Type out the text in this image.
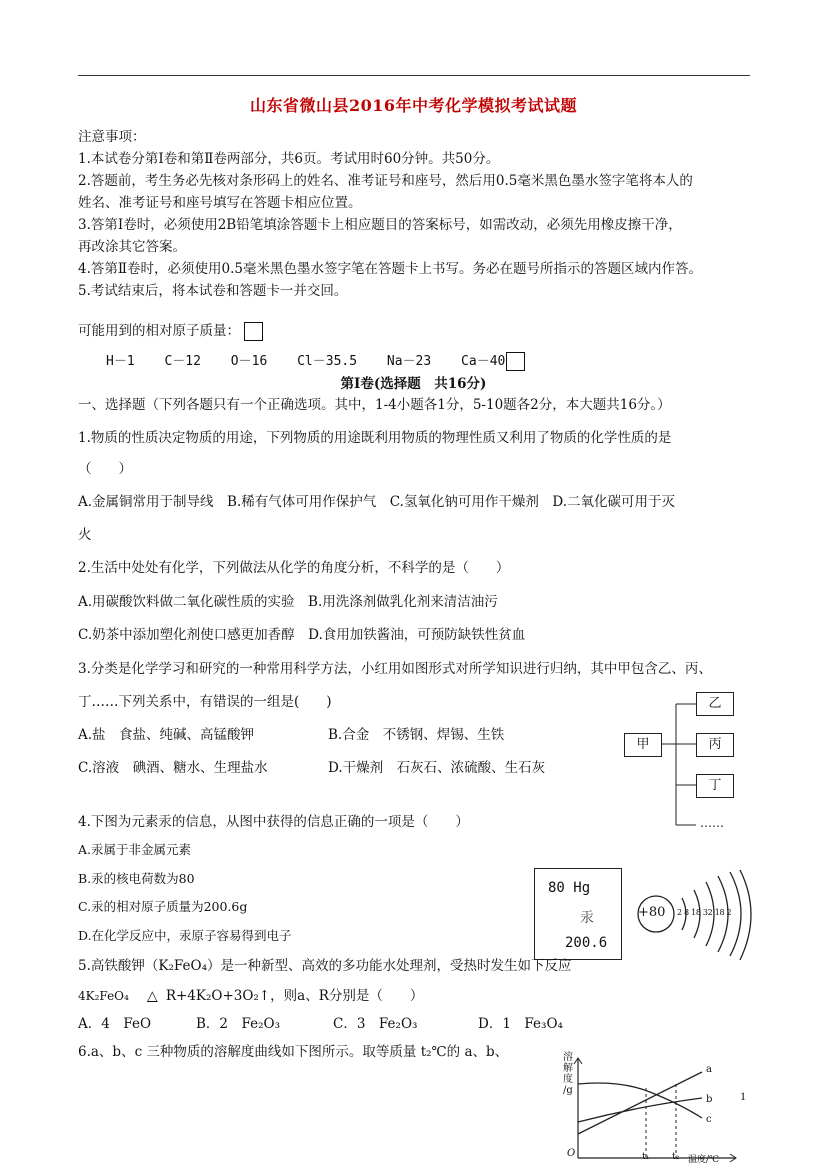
山东省微山县2016年中考化学模拟考试试题
注意事项：
1.本试卷分第Ⅰ卷和第Ⅱ卷两部分，共6页。考试用时60分钟。共50分。
2.答题前，考生务必先核对条形码上的姓名、准考证号和座号，然后用0.5毫米黑色墨水签字笔将本人的
姓名、准考证号和座号填写在答题卡相应位置。
3.答第Ⅰ卷时，必须使用2B铅笔填涂答题卡上相应题目的答案标号，如需改动，必须先用橡皮擦干净，
再改涂其它答案。
4.答第Ⅱ卷时，必须使用0.5毫米黑色墨水签字笔在答题卡上书写。务必在题号所指示的答题区域内作答。
5.考试结束后，将本试卷和答题卡一并交回。
可能用到的相对原子质量：
H－1 C－12 O－16 Cl－35.5 Na－23 Ca－40
第Ⅰ卷(选择题　共16分)
一、选择题（下列各题只有一个正确选项。其中，1-4小题各1分，5-10题各2分，本大题共16分。）
1.物质的性质决定物质的用途，下列物质的用途既利用物质的物理性质又利用了物质的化学性质的是
（　　）
A.金属铜常用于制导线　B.稀有气体可用作保护气　C.氢氧化钠可用作干燥剂　D.二氧化碳可用于灭
火
2.生活中处处有化学，下列做法从化学的角度分析，不科学的是（　　）
A.用碳酸饮料做二氧化碳性质的实验　B.用洗涤剂做乳化剂来清洁油污
C.奶茶中添加塑化剂使口感更加香醇　D.食用加铁酱油，可预防缺铁性贫血
3.分类是化学学习和研究的一种常用科学方法，小红用如图形式对所学知识进行归纳，其中甲包含乙、丙、
丁……下列关系中，有错误的一组是(　　)
A.盐　食盐、纯碱、高锰酸钾	B.合金　不锈钢、焊锡、生铁
C.溶液　碘酒、糖水、生理盐水	D.干燥剂　石灰石、浓硫酸、生石灰
甲
乙
丙
丁
……
4.下图为元素汞的信息，从图中获得的信息正确的一项是（　　）
A.汞属于非金属元素
B.汞的核电荷数为80
C.汞的相对原子质量为200.6g
D.在化学反应中，汞原子容易得到电子
80 Hg
汞
200.6
+80 2 8 18 32 18 2
5.高铁酸钾（K₂FeO₄）是一种新型、高效的多功能水处理剂，受热时发生如下反应
4K₂FeO₄ △ R+4K₂O+3O₂↑，则a、R分别是（　　）
A．4　FeO	B．2　Fe₂O₃	C．3　Fe₂O₃	D．1　Fe₃O₄
6.a、b、c 三种物质的溶解度曲线如下图所示。取等质量 t₂℃的 a、b、	溶
解
度
/g
O	t₁	t₂ 温度/℃
a
b
c
1
